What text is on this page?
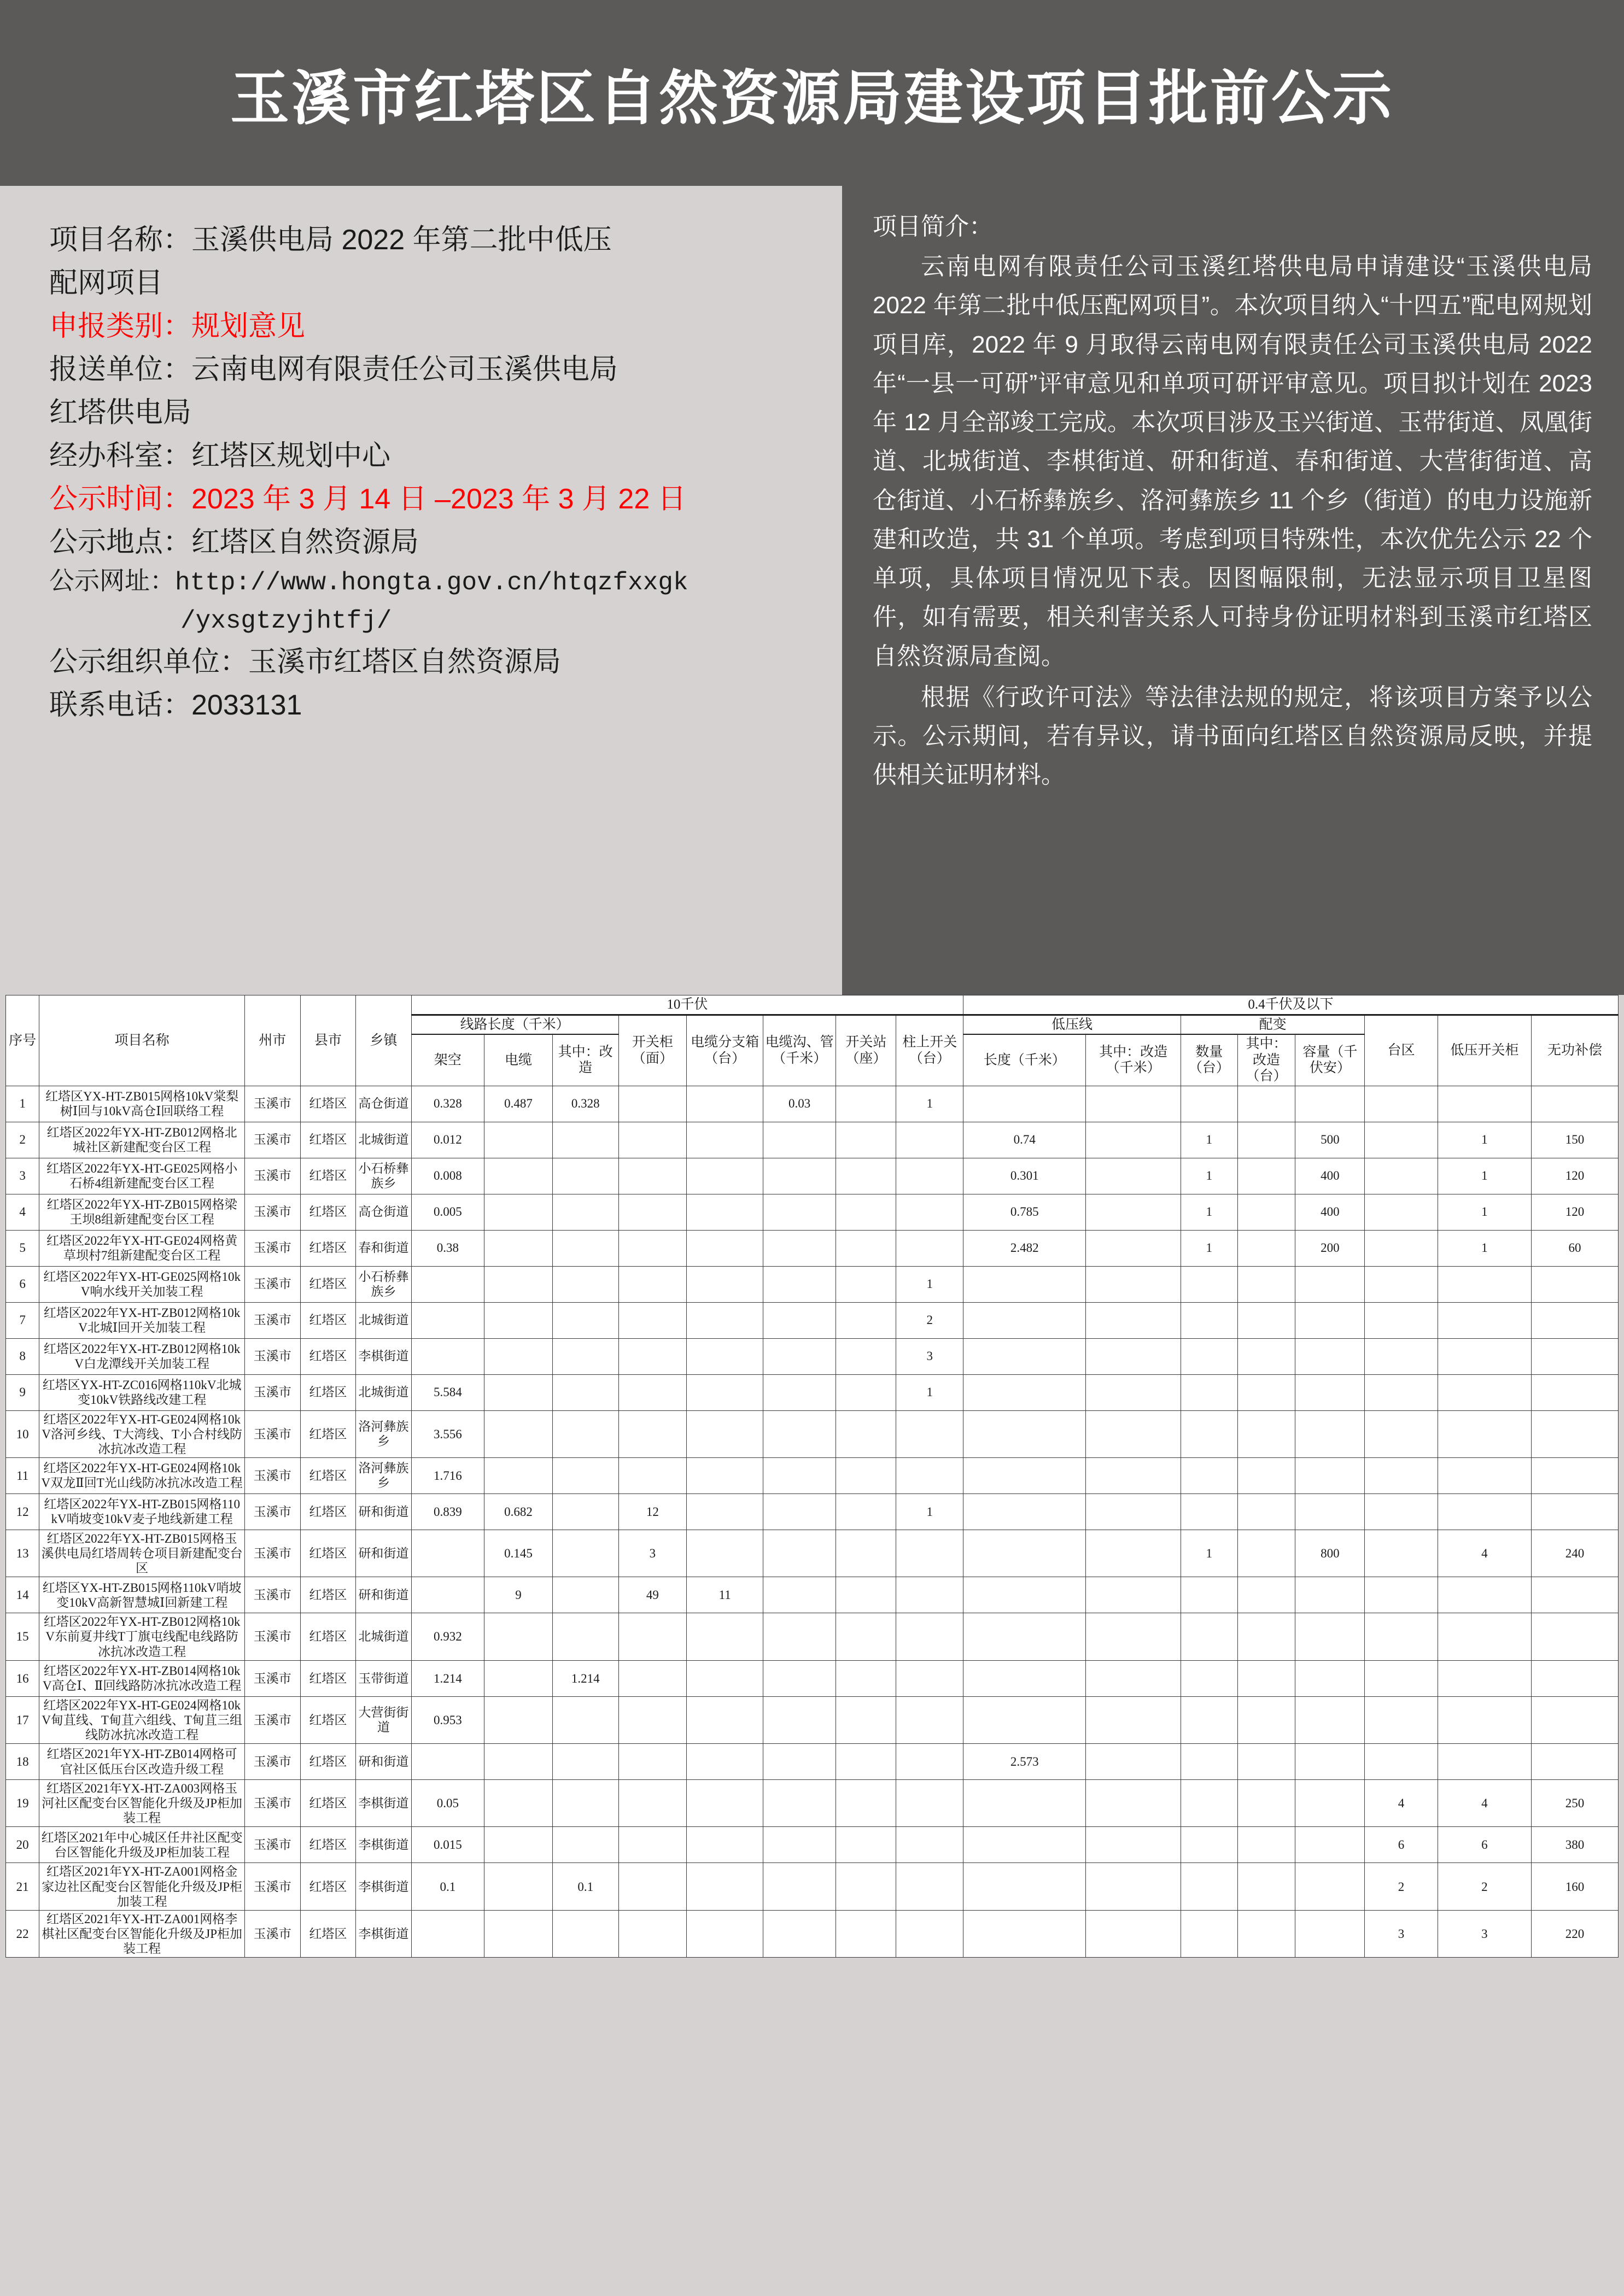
玉溪市红塔区自然资源局建设项目批前公示
项目名称：玉溪供电局 2022 年第二批中低压
配网项目
申报类别：规划意见
报送单位：云南电网有限责任公司玉溪供电局
红塔供电局
经办科室：红塔区规划中心
公示时间：2023 年 3 月 14 日 –2023 年 3 月 22 日
公示地点：红塔区自然资源局
公示网址：http://www.hongta.gov.cn/htqzfxxgk
/yxsgtzyjhtfj/
公示组织单位：玉溪市红塔区自然资源局
联系电话：2033131
项目简介：
云南电网有限责任公司玉溪红塔供电局申请建设“玉溪供电局 2022 年第二批中低压配网项目”。本次项目纳入“十四五”配电网规划项目库，2022 年 9 月取得云南电网有限责任公司玉溪供电局 2022 年“一县一可研”评审意见和单项可研评审意见。项目拟计划在 2023 年 12 月全部竣工完成。本次项目涉及玉兴街道、玉带街道、凤凰街道、北城街道、李棋街道、研和街道、春和街道、大营街街道、高仓街道、小石桥彝族乡、洛河彝族乡 11 个乡（街道）的电力设施新建和改造，共 31 个单项。考虑到项目特殊性，本次优先公示 22 个单项，具体项目情况见下表。因图幅限制，无法显示项目卫星图件，如有需要，相关利害关系人可持身份证明材料到玉溪市红塔区自然资源局查阅。
根据《行政许可法》等法律法规的规定，将该项目方案予以公示。公示期间，若有异议，请书面向红塔区自然资源局反映，并提供相关证明材料。
序号	项目名称	州市	县市	乡镇	10千伏								0.4千伏及以下							
					线路长度（千米）			开关柜（面）	电缆分支箱（台）	电缆沟、管（千米）	开关站（座）	柱上开关（台）	低压线		配变			台区	低压开关柜	无功补偿
					架空	电缆	其中：改造						长度（千米）	其中：改造（千米）	数量（台）	其中：改造（台）	容量（千伏安）			

1	红塔区YX-HT-ZB015网格10kV棠梨树Ⅰ回与10kV高仓Ⅰ回联络工程	玉溪市	红塔区	高仓街道	0.328	0.487	0.328			0.03		1								
2	红塔区2022年YX-HT-ZB012网格北城社区新建配变台区工程	玉溪市	红塔区	北城街道	0.012								0.74		1		500		1	150
3	红塔区2022年YX-HT-GE025网格小石桥4组新建配变台区工程	玉溪市	红塔区	小石桥彝族乡	0.008								0.301		1		400		1	120
4	红塔区2022年YX-HT-ZB015网格梁王坝8组新建配变台区工程	玉溪市	红塔区	高仓街道	0.005								0.785		1		400		1	120
5	红塔区2022年YX-HT-GE024网格黄草坝村7组新建配变台区工程	玉溪市	红塔区	春和街道	0.38								2.482		1		200		1	60
6	红塔区2022年YX-HT-GE025网格10kV响水线开关加装工程	玉溪市	红塔区	小石桥彝族乡								1								
7	红塔区2022年YX-HT-ZB012网格10kV北城Ⅰ回开关加装工程	玉溪市	红塔区	北城街道								2								
8	红塔区2022年YX-HT-ZB012网格10kV白龙潭线开关加装工程	玉溪市	红塔区	李棋街道								3								
9	红塔区YX-HT-ZC016网格110kV北城变10kV铁路线改建工程	玉溪市	红塔区	北城街道	5.584							1								
10	红塔区2022年YX-HT-GE024网格10kV洛河乡线、T大湾线、T小合村线防冰抗冰改造工程	玉溪市	红塔区	洛河彝族乡	3.556															
11	红塔区2022年YX-HT-GE024网格10kV双龙Ⅱ回T光山线防冰抗冰改造工程	玉溪市	红塔区	洛河彝族乡	1.716															
12	红塔区2022年YX-HT-ZB015网格110kV哨坡变10kV麦子地线新建工程	玉溪市	红塔区	研和街道	0.839	0.682		12				1								
13	红塔区2022年YX-HT-ZB015网格玉溪供电局红塔周转仓项目新建配变台区	玉溪市	红塔区	研和街道		0.145		3							1		800		4	240
14	红塔区YX-HT-ZB015网格110kV哨坡变10kV高新智慧城Ⅰ回新建工程	玉溪市	红塔区	研和街道		9		49	11											
15	红塔区2022年YX-HT-ZB012网格10kV东前夏井线T丁旗屯线配电线路防冰抗冰改造工程	玉溪市	红塔区	北城街道	0.932															
16	红塔区2022年YX-HT-ZB014网格10kV高仓Ⅰ、Ⅱ回线路防冰抗冰改造工程	玉溪市	红塔区	玉带街道	1.214		1.214													
17	红塔区2022年YX-HT-GE024网格10kV甸苴线、T甸苴六组线、T甸苴三组线防冰抗冰改造工程	玉溪市	红塔区	大营街街道	0.953															
18	红塔区2021年YX-HT-ZB014网格可官社区低压台区改造升级工程	玉溪市	红塔区	研和街道									2.573							
19	红塔区2021年YX-HT-ZA003网格玉河社区配变台区智能化升级及JP柜加装工程	玉溪市	红塔区	李棋街道	0.05													4	4	250
20	红塔区2021年中心城区任井社区配变台区智能化升级及JP柜加装工程	玉溪市	红塔区	李棋街道	0.015													6	6	380
21	红塔区2021年YX-HT-ZA001网格金家边社区配变台区智能化升级及JP柜加装工程	玉溪市	红塔区	李棋街道	0.1		0.1											2	2	160
22	红塔区2021年YX-HT-ZA001网格李棋社区配变台区智能化升级及JP柜加装工程	玉溪市	红塔区	李棋街道														3	3	220
